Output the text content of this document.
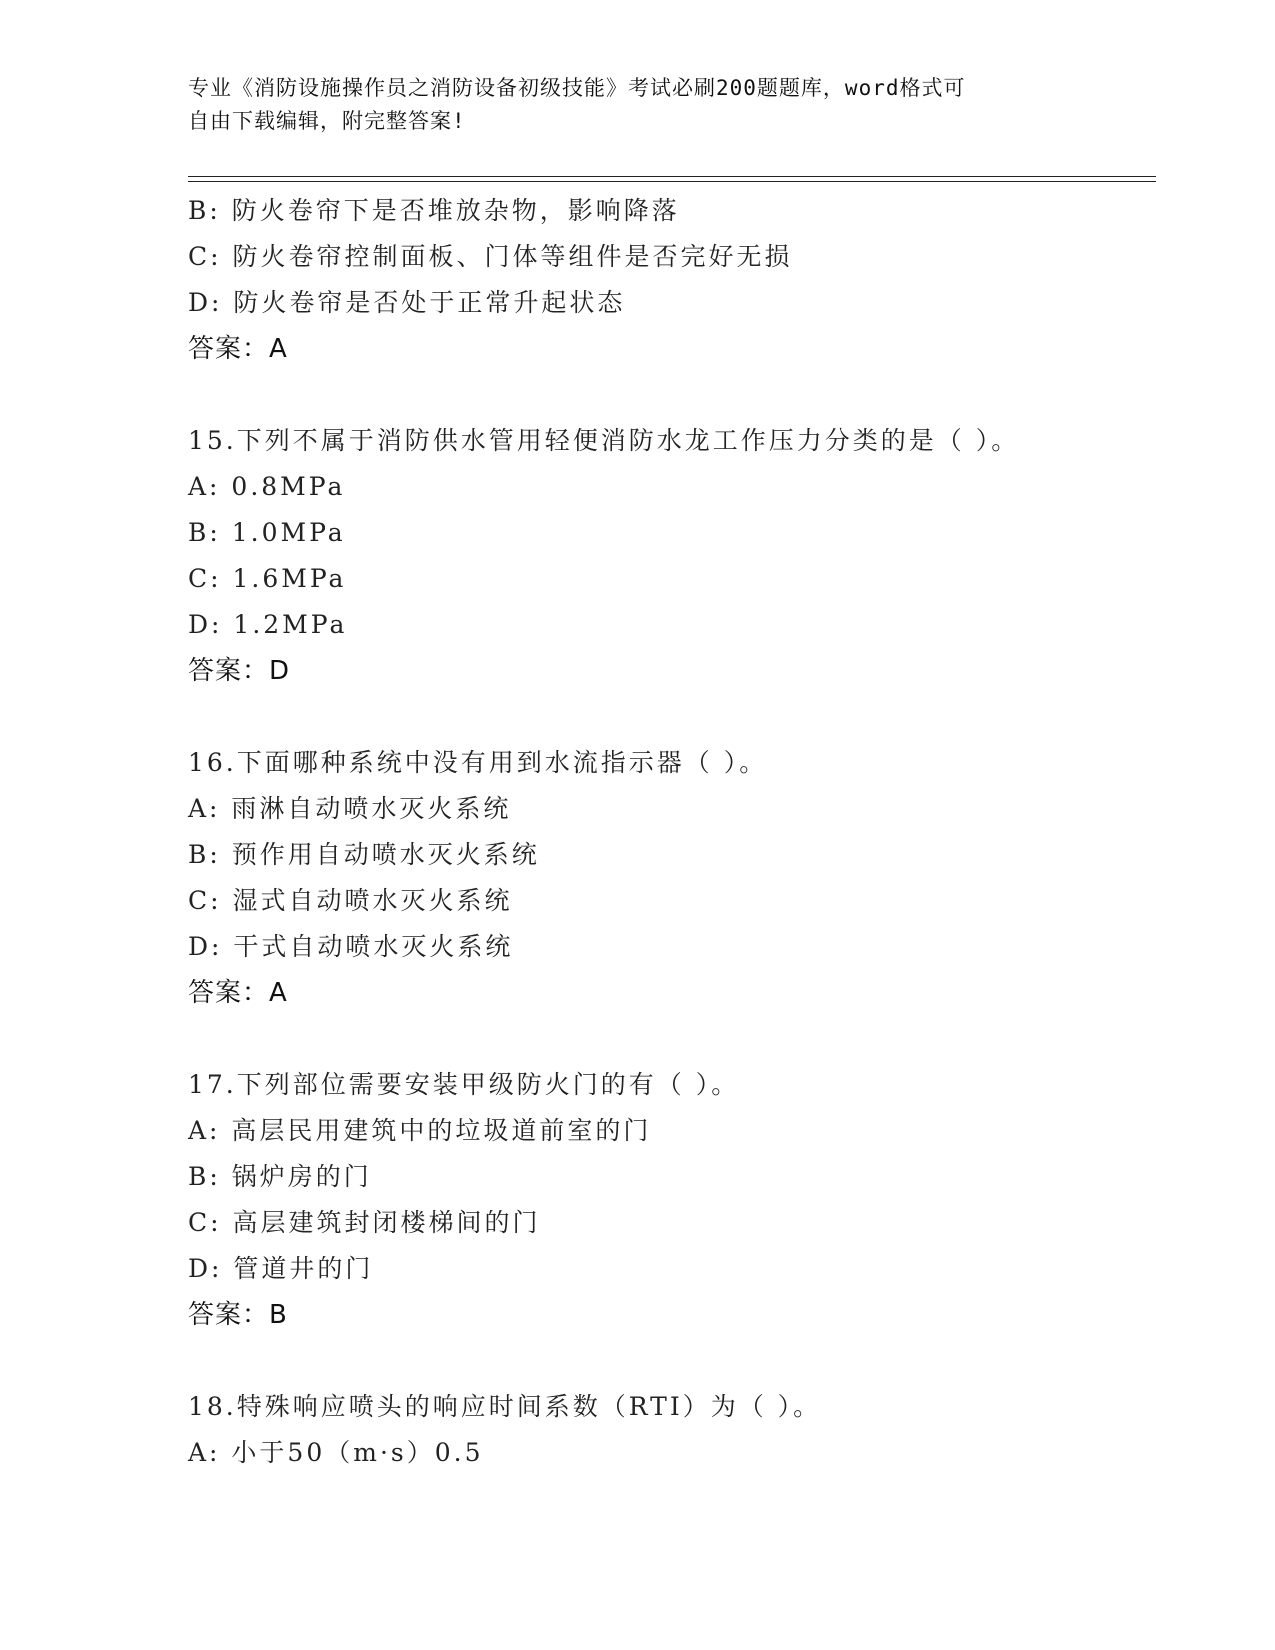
专业《消防设施操作员之消防设备初级技能》考试必刷200题题库，word格式可
自由下载编辑，附完整答案!
B: 防火卷帘下是否堆放杂物，影响降落
C: 防火卷帘控制面板、门体等组件是否完好无损
D: 防火卷帘是否处于正常升起状态
答案：A
15.下列不属于消防供水管用轻便消防水龙工作压力分类的是（ ）。
A: 0.8MPa
B: 1.0MPa
C: 1.6MPa
D: 1.2MPa
答案：D
16.下面哪种系统中没有用到水流指示器（ ）。
A: 雨淋自动喷水灭火系统
B: 预作用自动喷水灭火系统
C: 湿式自动喷水灭火系统
D: 干式自动喷水灭火系统
答案：A
17.下列部位需要安装甲级防火门的有（ ）。
A: 高层民用建筑中的垃圾道前室的门
B: 锅炉房的门
C: 高层建筑封闭楼梯间的门
D: 管道井的门
答案：B
18.特殊响应喷头的响应时间系数（RTI）为（ ）。
A: 小于50（m·s）0.5
